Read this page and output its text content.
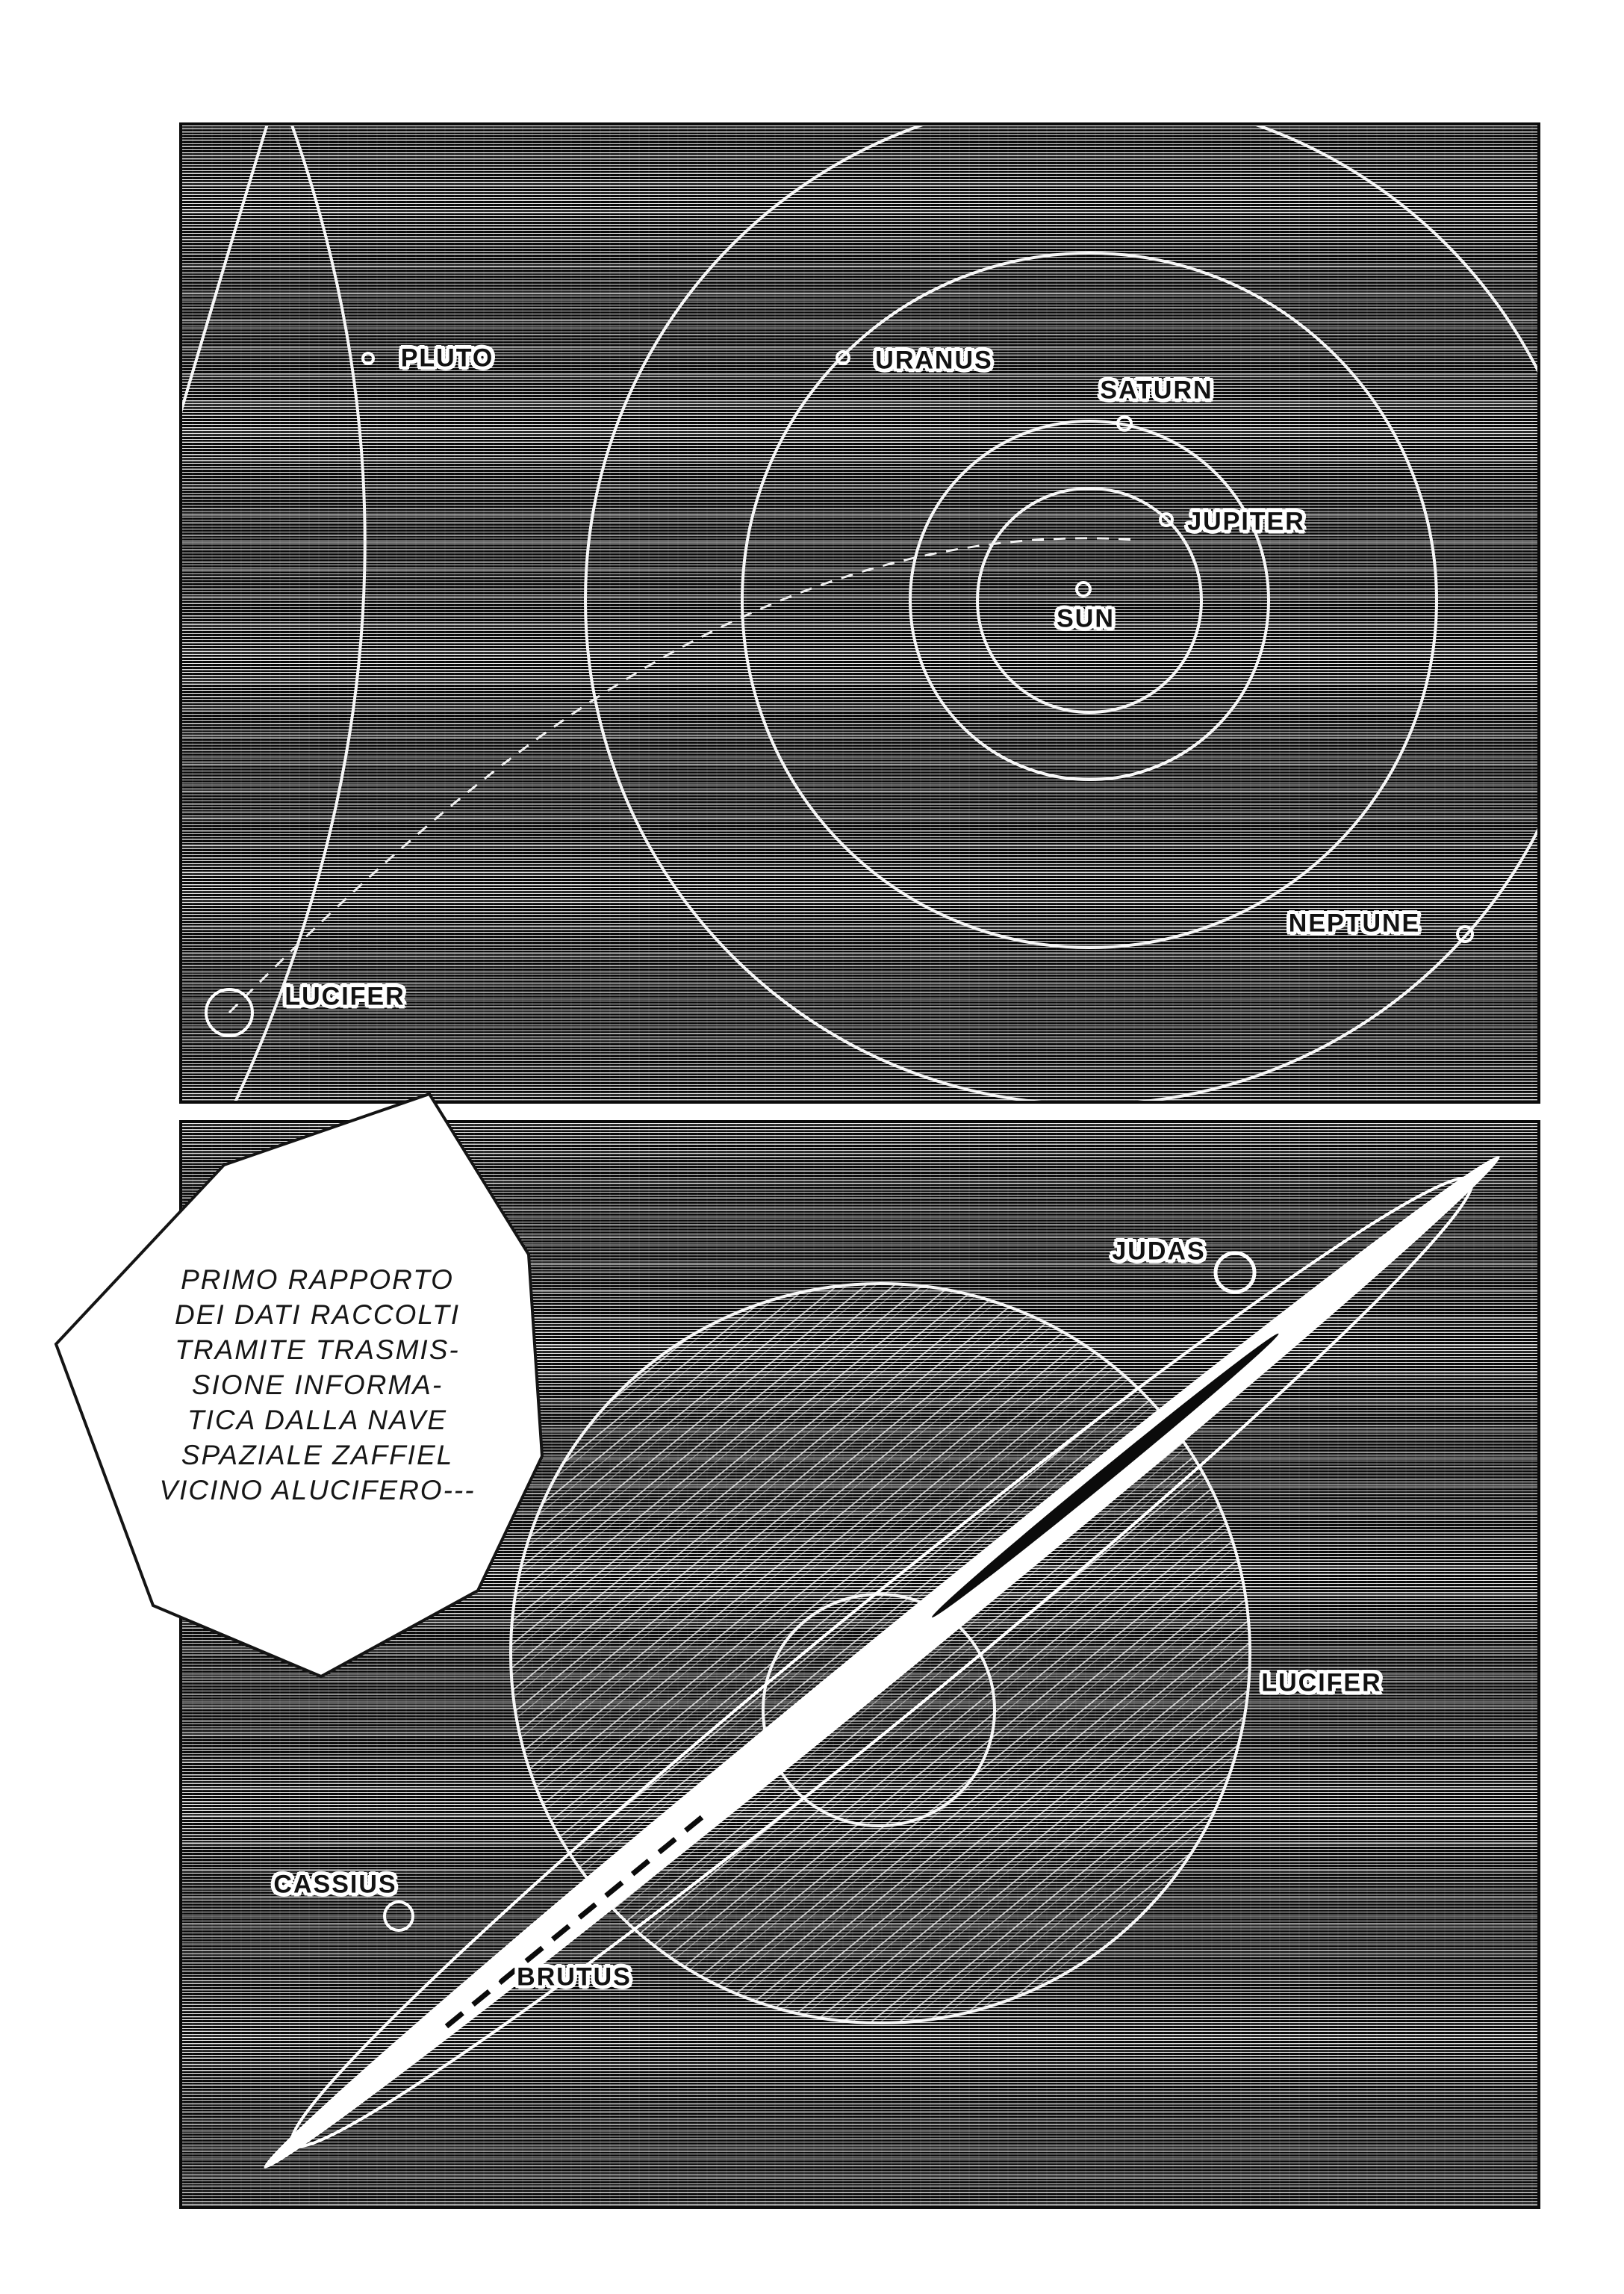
PLUTO	URANUS
SATURN
JUPITER
SUN
NEPTUNE
LUCIFER
JUDAS
LUCIFER
CASSIUS
BRUTUS
PRIMO RAPPORTO
DEI DATI RACCOLTI
TRAMITE TRASMIS-
SIONE INFORMA-
TICA DALLA NAVE
SPAZIALE ZAFFIEL
VICINO ALUCIFERO---
